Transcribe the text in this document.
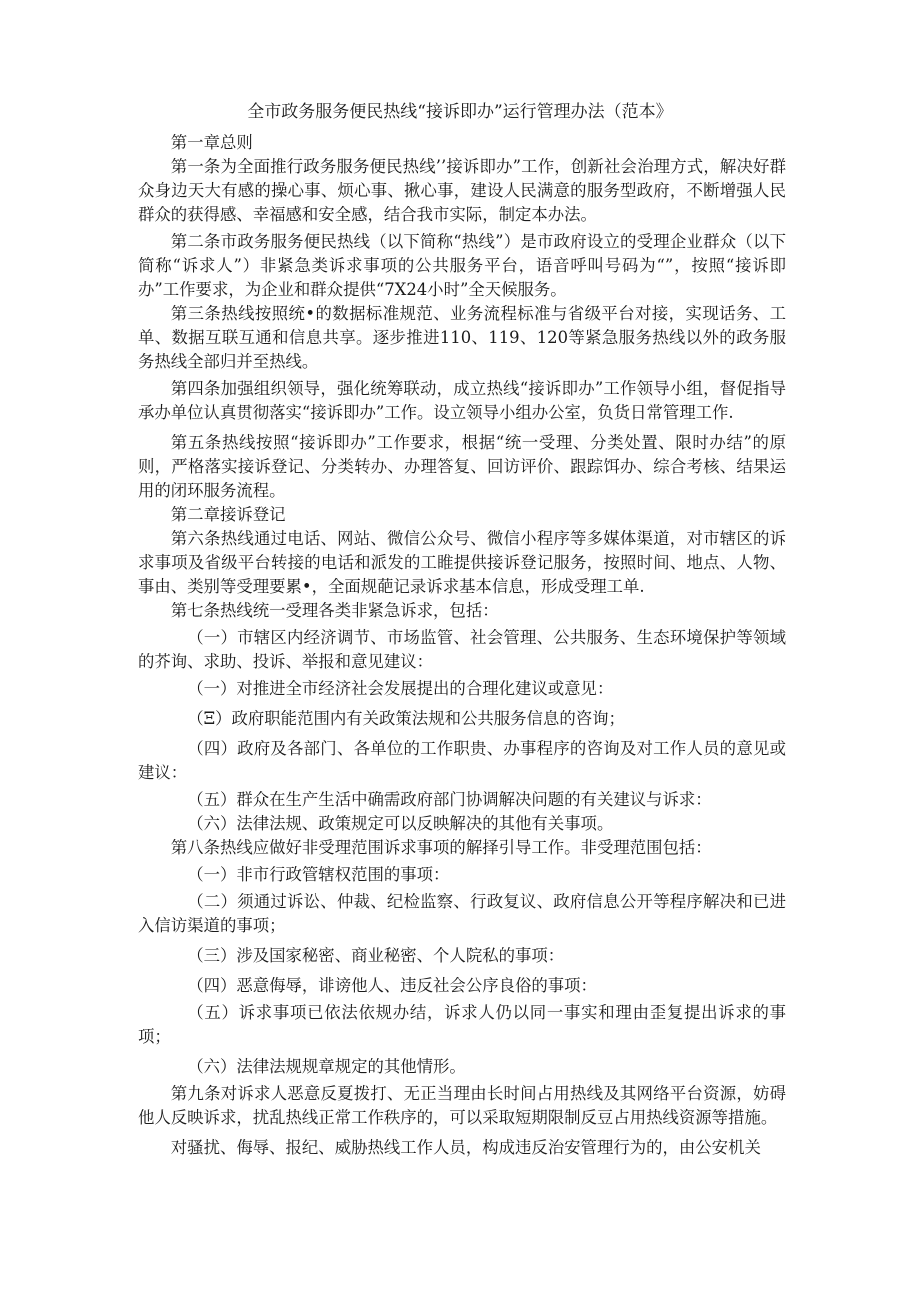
全市政务服务便民热线“接诉即办”运行管理办法（范本》

第一章总则

第一条为全面推行政务服务便民热线’’接诉即办”工作，创新社会治理方式，解决好群众身边天大有感的操心事、烦心事、揪心事，建设人民满意的服务型政府，不断增强人民群众的获得感、幸福感和安全感，结合我市实际，制定本办法。

第二条市政务服务便民热线（以下简称“热线”）是市政府设立的受理企业群众（以下简称“诉求人”）非紧急类诉求事项的公共服务平台，语音呼叫号码为“”，按照“接诉即办”工作要求，为企业和群众提供“7X24小时”全天候服务。

第三条热线按照统•的数据标准规范、业务流程标准与省级平台对接，实现话务、工单、数据互联互通和信息共享。逐步推进110、119、120等紧急服务热线以外的政务服务热线全部归并至热线。

第四条加强组织领导，强化统筹联动，成立热线“接诉即办”工作领导小组，督促指导承办单位认真贯彻落实“接诉即办”工作。设立领导小组办公室，负货日常管理工作.

第五条热线按照“接诉即办”工作要求，根据“统一受理、分类处置、限时办结”的原则，严格落实接诉登记、分类转办、办理答复、回访评价、跟踪饵办、综合考核、结果运用的闭环服务流程。

第二章接诉登记

第六条热线通过电话、网站、微信公众号、微信小程序等多媒体渠道，对市辖区的诉求事项及省级平台转接的电话和派发的工睢提供接诉登记服务，按照时间、地点、人物、事由、类别等受理要累•，全面规葩记录诉求基本信息，形成受理工单.

第七条热线统一受理各类非紧急诉求，包括：

（一）市辖区内经济调节、市场监管、社会管理、公共服务、生态环境保护等领域的芥询、求助、投诉、举报和意见建议：

（一）对推进全市经济社会发展提出的合理化建议或意见：

（Ξ）政府职能范围内有关政策法规和公共服务信息的咨询；

（四）政府及各部门、各单位的工作职贵、办事程序的咨询及对工作人员的意见或建议：

（五）群众在生产生活中确需政府部门协调解决问题的有关建议与诉求：

（六）法律法规、政策规定可以反映解决的其他有关事项。

第八条热线应做好非受理范围诉求事项的解择引导工作。非受理范围包括：

（一）非市行政管辖权范围的事项：

（二）须通过诉讼、仲裁、纪检监察、行政复议、政府信息公开等程序解决和已进入信访渠道的事项；

（三）涉及国家秘密、商业秘密、个人院私的事项：

（四）恶意侮辱，诽谤他人、违反社会公序良俗的事项：

（五）诉求事项已依法依规办结，诉求人仍以同一事实和理由歪复提出诉求的事项；

（六）法律法规规章规定的其他情形。

第九条对诉求人恶意反夏拨打、无正当理由长时间占用热线及其网络平台资源，妨碍他人反映诉求，扰乱热线正常工作秩序的，可以采取短期限制反豆占用热线资源等措施。

对骚扰、侮辱、报纪、威胁热线工作人员，构成违反治安管理行为的，由公安机关
